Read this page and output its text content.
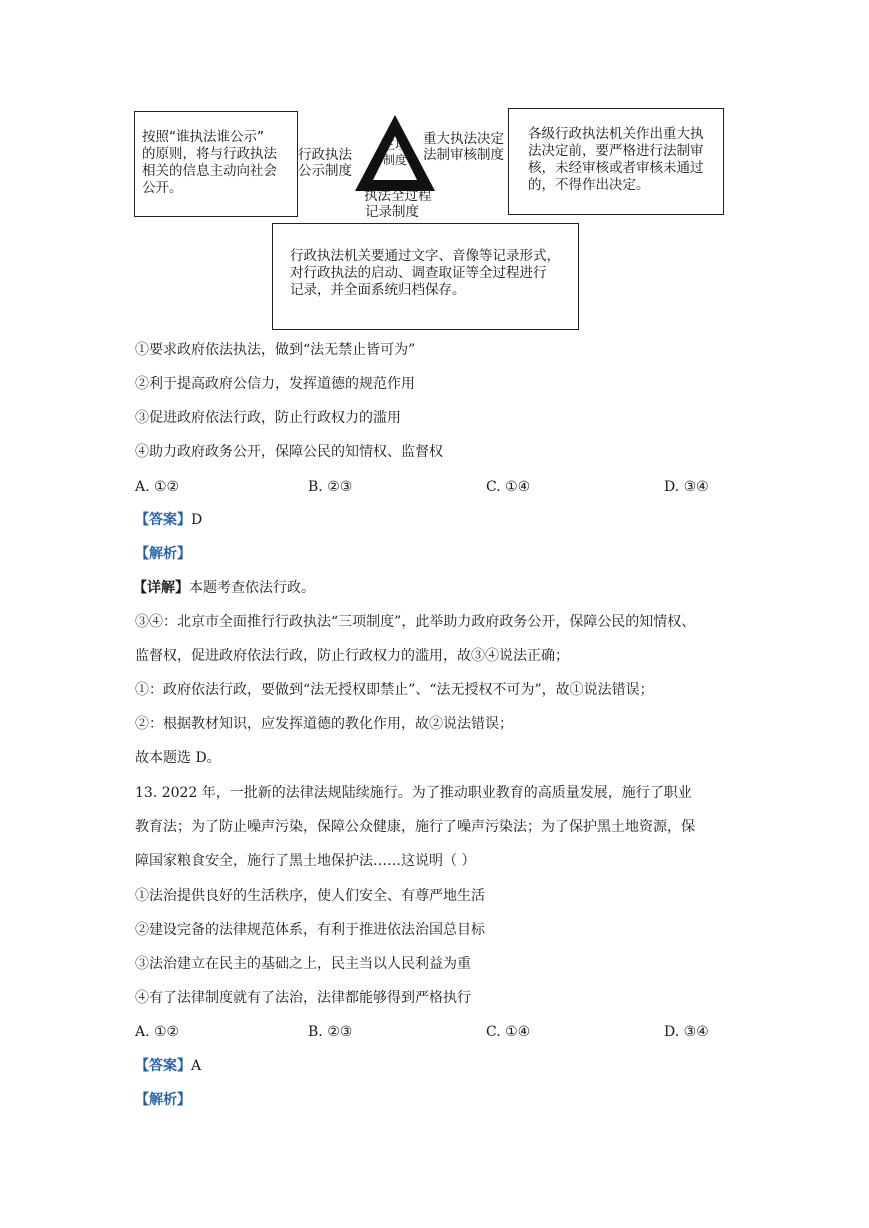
按照“谁执法谁公示”
的原则，将与行政执法
相关的信息主动向社会
公开。
各级行政执法机关作出重大执
法决定前，要严格进行法制审
核，未经审核或者审核未通过
的，不得作出决定。
行政执法机关要通过文字、音像等记录形式，
对行政执法的启动、调查取证等全过程进行
记录，并全面系统归档保存。
三项制度
行政执法
公示制度
重大执法决定
法制审核制度
执法全过程
记录制度
①要求政府依法执法，做到“法无禁止皆可为”
②利于提高政府公信力，发挥道德的规范作用
③促进政府依法行政，防止行政权力的滥用
④助力政府政务公开，保障公民的知情权、监督权
A. ①②	B. ②③	C. ①④	D. ③④
【答案】D
【解析】
【详解】本题考查依法行政。
③④：北京市全面推行行政执法“三项制度”，此举助力政府政务公开，保障公民的知情权、
监督权，促进政府依法行政，防止行政权力的滥用，故③④说法正确；
①：政府依法行政，要做到“法无授权即禁止”、“法无授权不可为”，故①说法错误；
②：根据教材知识，应发挥道德的教化作用，故②说法错误；
故本题选 D。
13. 2022 年，一批新的法律法规陆续施行。为了推动职业教育的高质量发展，施行了职业
教育法；为了防止噪声污染，保障公众健康，施行了噪声污染法；为了保护黑土地资源，保
障国家粮食安全，施行了黑土地保护法……这说明（ ）
①法治提供良好的生活秩序，使人们安全、有尊严地生活
②建设完备的法律规范体系，有利于推进依法治国总目标
③法治建立在民主的基础之上，民主当以人民利益为重
④有了法律制度就有了法治，法律都能够得到严格执行
A. ①②	B. ②③	C. ①④	D. ③④
【答案】A
【解析】
